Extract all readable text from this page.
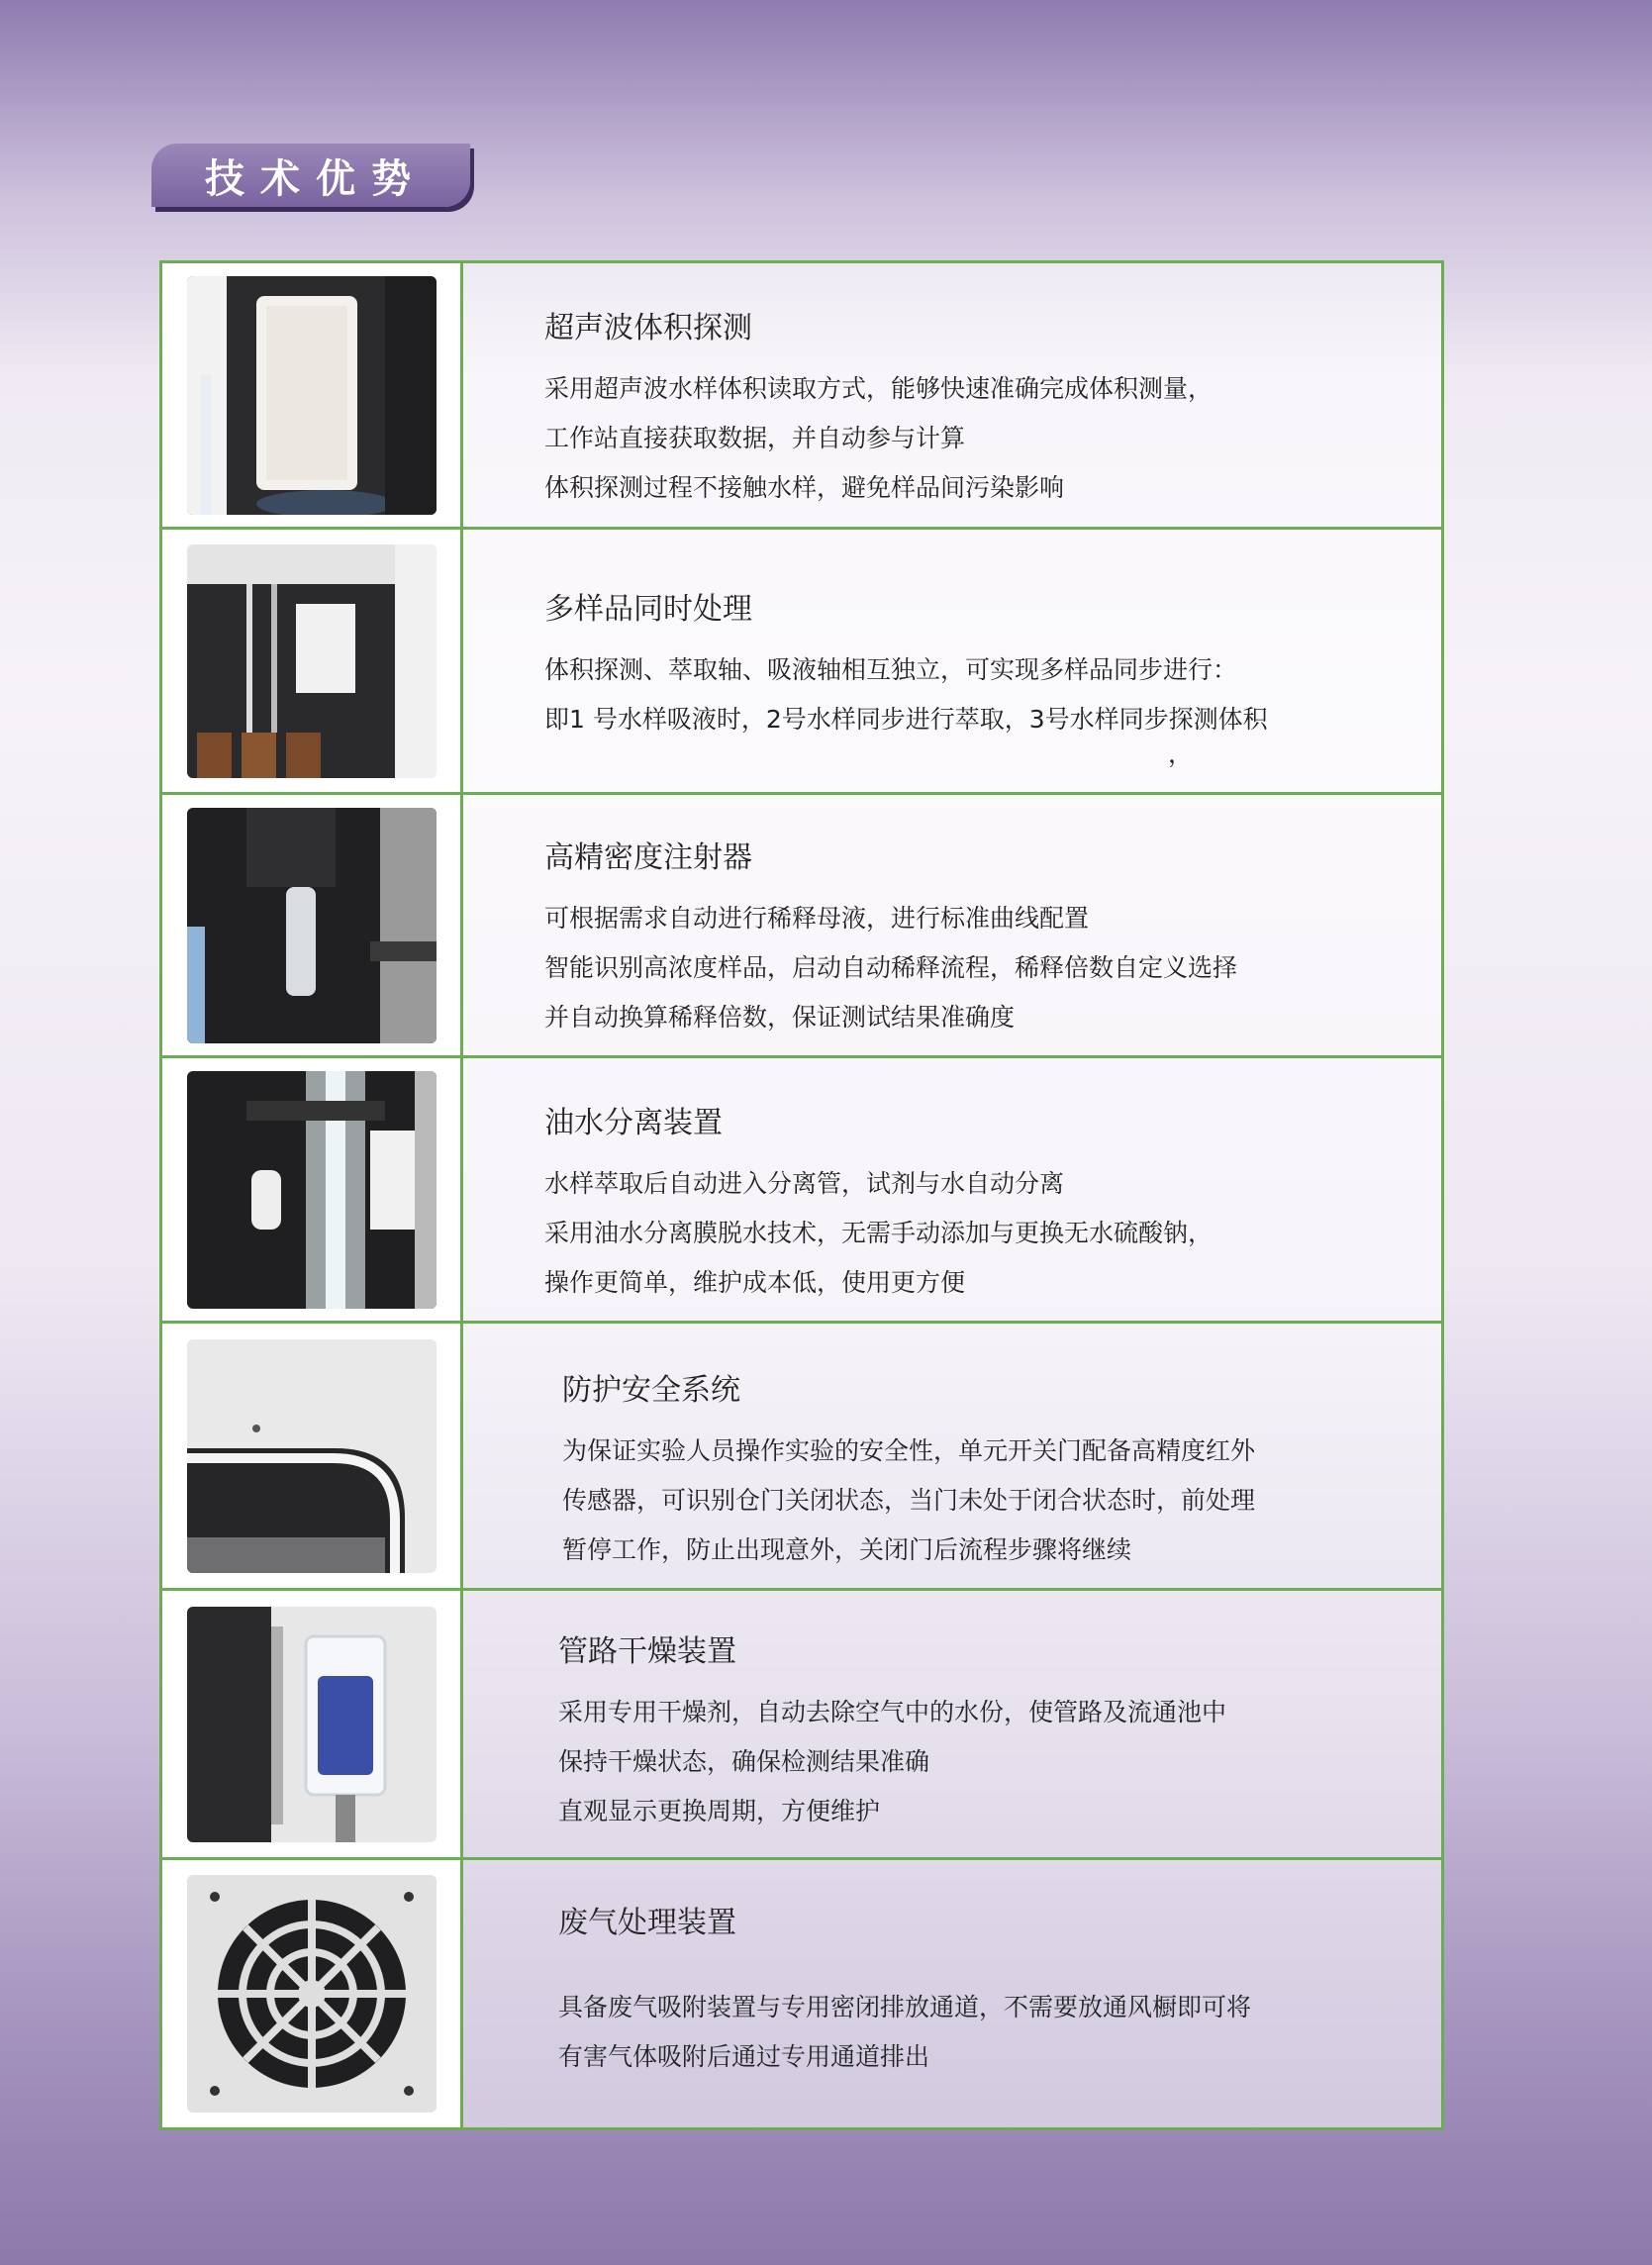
技术优势
超声波体积探测
采用超声波水样体积读取方式，能够快速准确完成体积测量，
工作站直接获取数据，并自动参与计算
体积探测过程不接触水样，避免样品间污染影响
多样品同时处理
体积探测、萃取轴、吸液轴相互独立，可实现多样品同步进行：
即1 号水样吸液时，2号水样同步进行萃取，3号水样同步探测体积
，
高精密度注射器
可根据需求自动进行稀释母液，进行标准曲线配置
智能识别高浓度样品，启动自动稀释流程，稀释倍数自定义选择
并自动换算稀释倍数，保证测试结果准确度
油水分离装置
水样萃取后自动进入分离管，试剂与水自动分离
采用油水分离膜脱水技术，无需手动添加与更换无水硫酸钠，
操作更简单，维护成本低，使用更方便
防护安全系统
为保证实验人员操作实验的安全性，单元开关门配备高精度红外
传感器，可识别仓门关闭状态，当门未处于闭合状态时，前处理
暂停工作，防止出现意外，关闭门后流程步骤将继续
管路干燥装置
采用专用干燥剂，自动去除空气中的水份，使管路及流通池中
保持干燥状态，确保检测结果准确
直观显示更换周期，方便维护
废气处理装置
具备废气吸附装置与专用密闭排放通道，不需要放通风橱即可将
有害气体吸附后通过专用通道排出
